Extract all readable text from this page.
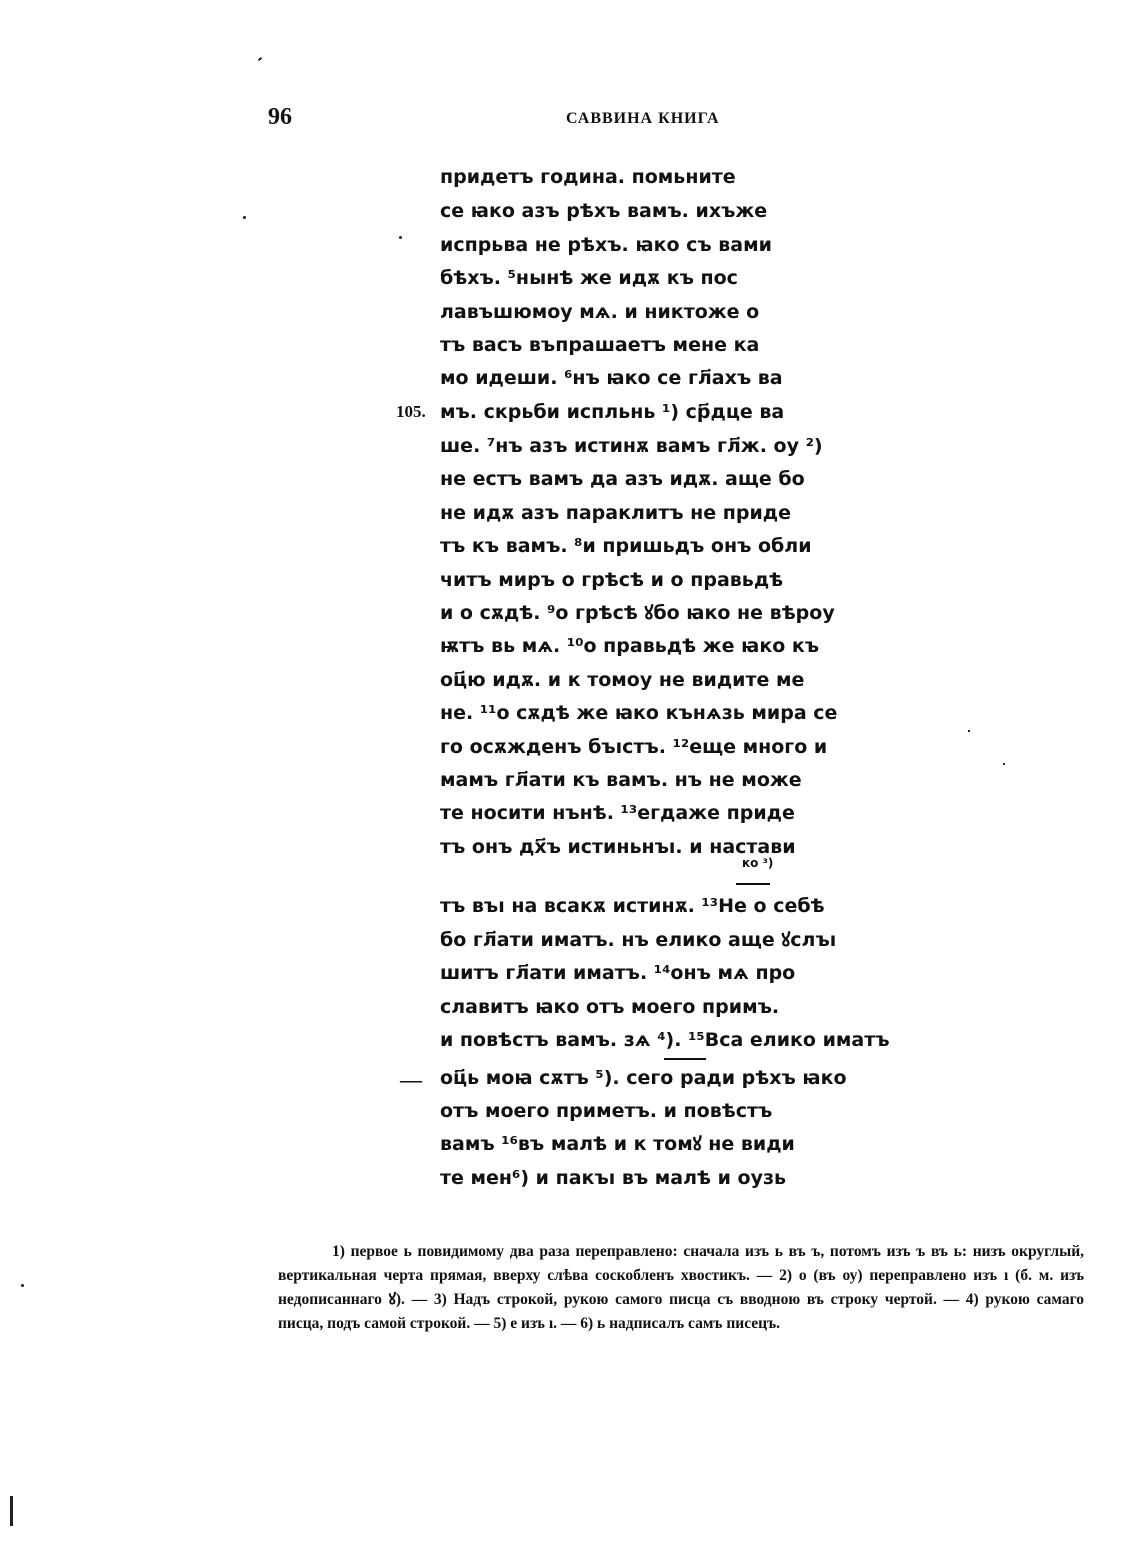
96	САВВИНА КНИГА
105.
—
ко ³)
придетъ година. помьните
се ꙗко азъ рѣхъ вамъ. ихъже
испрьва не рѣхъ. ꙗко съ вами
бѣхъ. ⁵нынѣ же идѫ къ пос
лавъшюмоу мѧ. и никтоже о
тъ васъ въпрашаетъ мене ка
мо идеши. ⁶нъ ꙗко се гл҃ахъ ва
мъ. скрьби испльнь ¹) ср҃дце ва
ше. ⁷нъ азъ истинѫ вамъ гл҃ж. оу ²)
не естъ вамъ да азъ идѫ. аще бо
не идѫ азъ параклитъ не приде
тъ къ вамъ. ⁸и пришьдъ онъ обли
читъ миръ о грѣсѣ и о правьдѣ
и о сѫдѣ. ⁹о грѣсѣ ꙋбо ꙗко не вѣроу
ѭтъ вь мѧ. ¹⁰о правьдѣ же ꙗко къ
оц҃ю идѫ. и к томоу не видите ме
не. ¹¹о сѫдѣ же ꙗко кънѧзь мира се
го осѫжденъ бъıстъ. ¹²еще много и
мамъ гл҃ати къ вамъ. нъ не може
те носити нънѣ. ¹³егдаже приде
тъ онъ дх҃ъ истиньнъı. и настави
тъ въı на всакѫ истинѫ. ¹³Не о себѣ
бо гл҃ати иматъ. нъ елико аще ꙋслъı
шитъ гл҃ати иматъ. ¹⁴онъ мѧ про
славитъ ꙗко отъ моего примъ.
и повѣстъ вамъ. зѧ ⁴). ¹⁵Вса елико иматъ
оц҃ь моꙗ сѫтъ ⁵). сего ради рѣхъ ꙗко
отъ моего приметъ. и повѣстъ
вамъ ¹⁶въ малѣ и к томꙋ не види
те мен⁶) и пакъı въ малѣ и оузь

1) первое ь повидимому два раза переправлено: сначала изъ ь въ ъ, потомъ изъ ъ въ ь: низъ округлый, вертикальная черта прямая, вверху слѣва соскобленъ хвостикъ. — 2) о (въ оу) переправлено изъ ı (б. м. изъ недописаннаго ꙋ). — 3) Надъ строкой, рукою самого писца съ вводною въ строку чертой. — 4) рукою самаго писца, подъ самой строкой. — 5) е изъ ı. — 6) ь надписалъ самъ писецъ.
